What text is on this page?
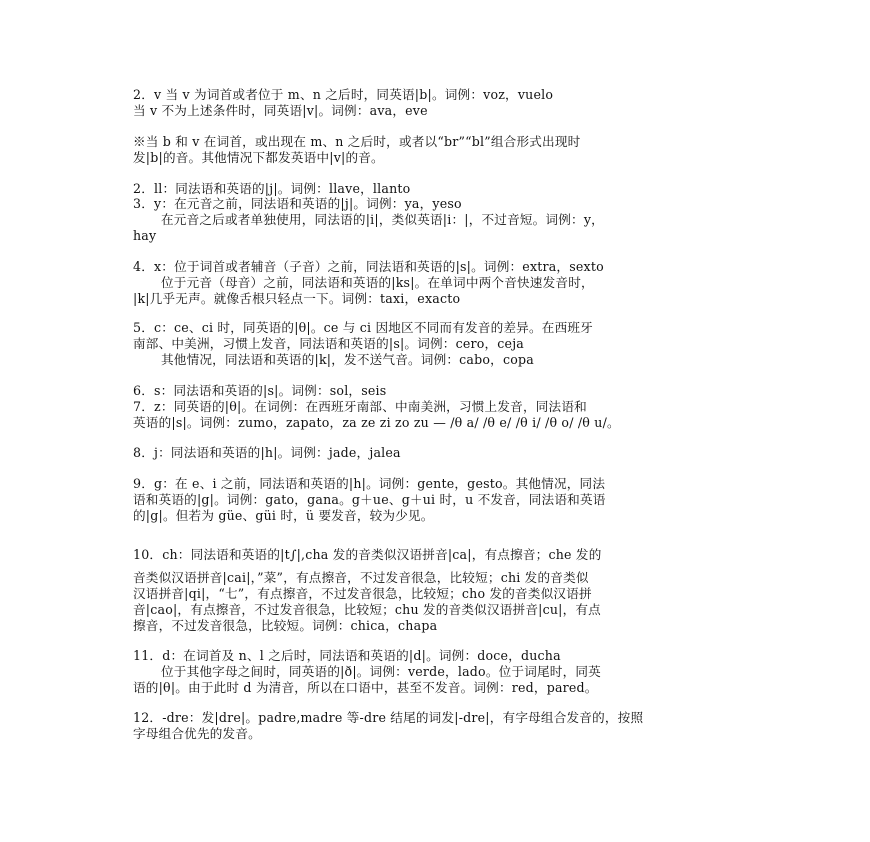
2．v 当 v 为词首或者位于 m、n 之后时，同英语|b|。词例：voz，vuelo
当 v 不为上述条件时，同英语|v|。词例：ava，eve
※当 b 和 v 在词首，或出现在 m、n 之后时，或者以“br”“bl”组合形式出现时
发|b|的音。其他情况下都发英语中|v|的音。
2．ll：同法语和英语的|j|。词例：llave，llanto
3．y：在元音之前，同法语和英语的|j|。词例：ya，yeso
在元音之后或者单独使用，同法语的|i|，类似英语|i：|，不过音短。词例：y，
hay
4．x：位于词首或者辅音（子音）之前，同法语和英语的|s|。词例：extra，sexto
位于元音（母音）之前，同法语和英语的|ks|。在单词中两个音快速发音时，
|k|几乎无声。就像舌根只轻点一下。词例：taxi，exacto
5．c：ce、ci 时，同英语的|θ|。ce 与 ci 因地区不同而有发音的差异。在西班牙
南部、中美洲，习惯上发音，同法语和英语的|s|。词例：cero，ceja
其他情况，同法语和英语的|k|，发不送气音。词例：cabo，copa
6．s：同法语和英语的|s|。词例：sol，seis
7．z：同英语的|θ|。在词例：在西班牙南部、中南美洲，习惯上发音，同法语和
英语的|s|。词例：zumo，zapato，za ze zi zo zu — /θ a/ /θ e/ /θ i/ /θ o/ /θ u/。
8．j：同法语和英语的|h|。词例：jade，jalea
9．g：在 e、i 之前，同法语和英语的|h|。词例：gente，gesto。其他情况，同法
语和英语的|g|。词例：gato，gana。g＋ue、g＋ui 时，u 不发音，同法语和英语
的|g|。但若为 güe、güi 时，ü 要发音，较为少见。
10．ch：同法语和英语的|t∫|,cha 发的音类似汉语拼音|ca|，有点擦音；che 发的
音类似汉语拼音|cai|，”菜”，有点擦音，不过发音很急，比较短；chi 发的音类似
汉语拼音|qi|，“七”，有点擦音，不过发音很急，比较短；cho 发的音类似汉语拼
音|cao|，有点擦音，不过发音很急，比较短；chu 发的音类似汉语拼音|cu|，有点
擦音，不过发音很急，比较短。词例：chica，chapa
11．d：在词首及 n、l 之后时，同法语和英语的|d|。词例：doce，ducha
位于其他字母之间时，同英语的|ð|。词例：verde，lado。位于词尾时，同英
语的|θ|。由于此时 d 为清音，所以在口语中，甚至不发音。词例：red，pared。
12．-dre：发|dre|。padre,madre 等-dre 结尾的词发|-dre|，有字母组合发音的，按照
字母组合优先的发音。
